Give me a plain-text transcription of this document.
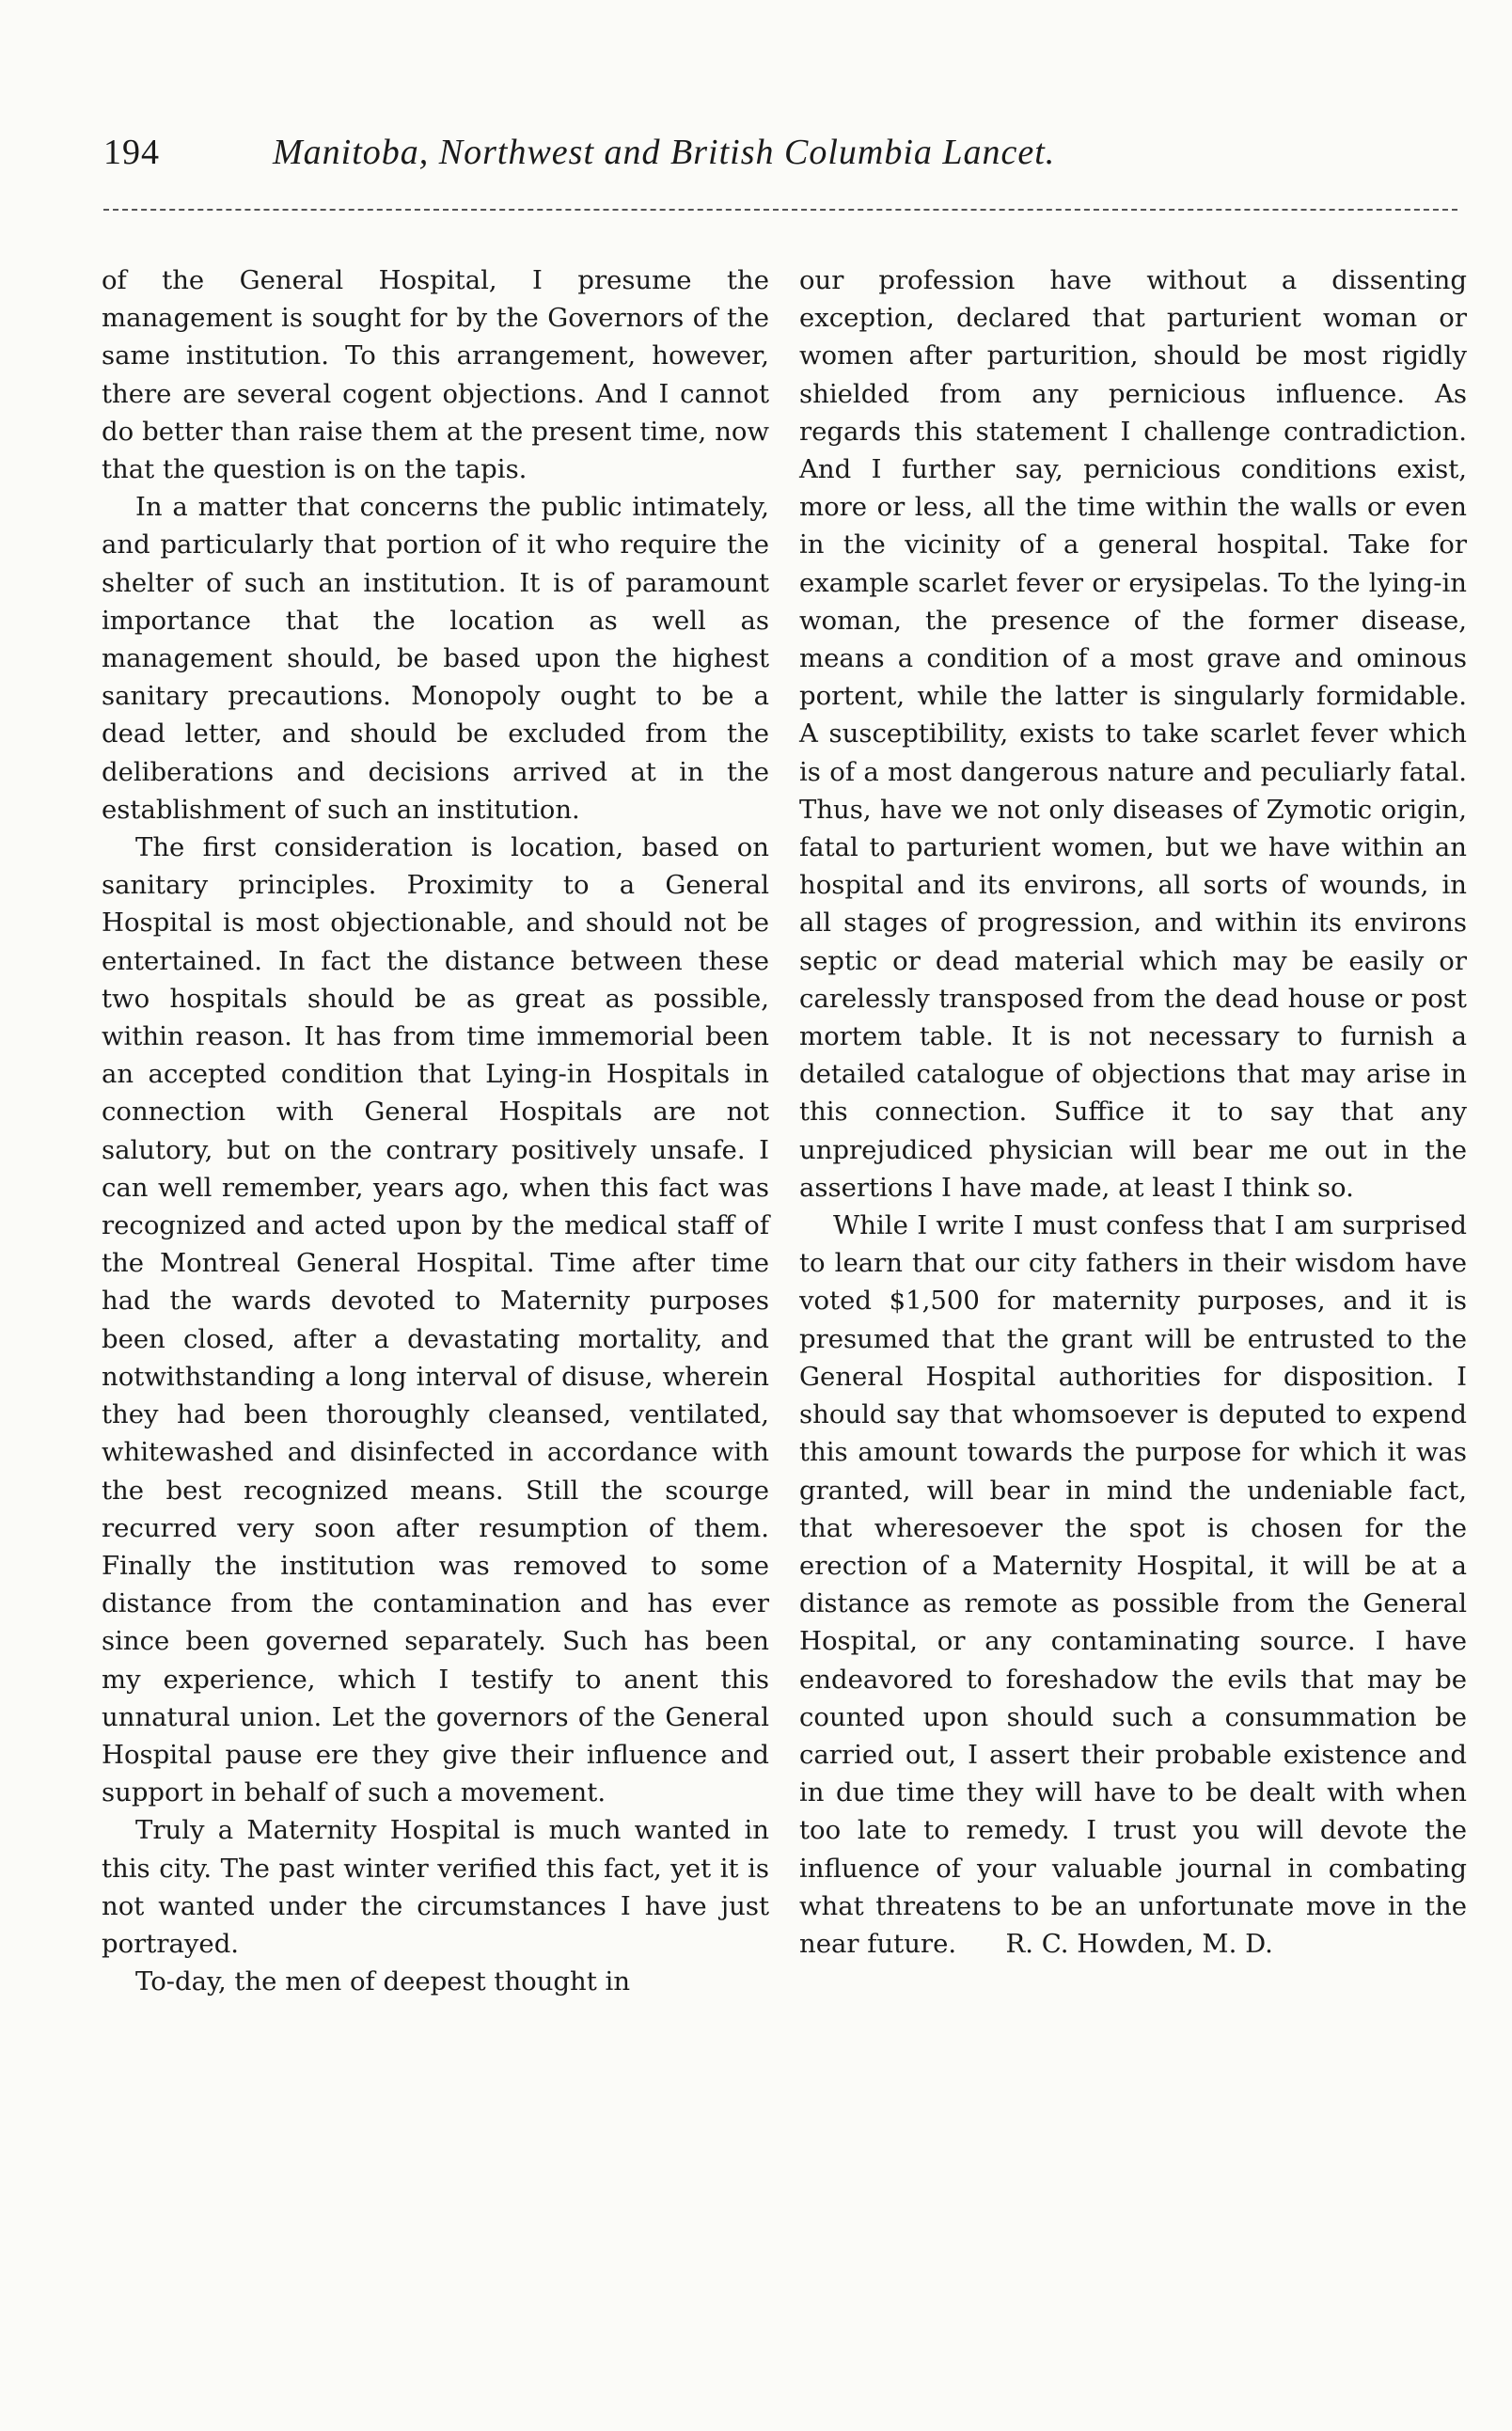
194	Manitoba, Northwest and British Columbia Lancet.

of the General Hospital, I presume the management is sought for by the Governors of the same institution. To this arrangement, however, there are several cogent objections. And I cannot do better than raise them at the present time, now that the question is on the tapis.

In a matter that concerns the public intimately, and particularly that portion of it who require the shelter of such an institution. It is of paramount importance that the location as well as management should, be based upon the highest sanitary precautions. Monopoly ought to be a dead letter, and should be excluded from the deliberations and decisions arrived at in the establishment of such an institution.

The first consideration is location, based on sanitary principles. Proximity to a General Hospital is most objectionable, and should not be entertained. In fact the distance between these two hospitals should be as great as possible, within reason. It has from time immemorial been an accepted condition that Lying-in Hospitals in connection with General Hospitals are not salutory, but on the contrary positively unsafe. I can well remember, years ago, when this fact was recognized and acted upon by the medical staff of the Montreal General Hospital. Time after time had the wards devoted to Maternity purposes been closed, after a devastating mortality, and notwithstanding a long interval of disuse, wherein they had been thoroughly cleansed, ventilated, whitewashed and disinfected in accordance with the best recognized means. Still the scourge recurred very soon after resumption of them. Finally the institution was removed to some distance from the contamination and has ever since been governed separately. Such has been my experience, which I testify to anent this unnatural union. Let the governors of the General Hospital pause ere they give their influence and support in behalf of such a movement.

Truly a Maternity Hospital is much wanted in this city. The past winter verified this fact, yet it is not wanted under the circumstances I have just portrayed.

To-day, the men of deepest thought in

our profession have without a dissenting exception, declared that parturient woman or women after parturition, should be most rigidly shielded from any pernicious influence. As regards this statement I challenge contradiction. And I further say, pernicious conditions exist, more or less, all the time within the walls or even in the vicinity of a general hospital. Take for example scarlet fever or erysipelas. To the lying-in woman, the presence of the former disease, means a condition of a most grave and ominous portent, while the latter is singularly formidable. A susceptibility, exists to take scarlet fever which is of a most dangerous nature and peculiarly fatal. Thus, have we not only diseases of Zymotic origin, fatal to parturient women, but we have within an hospital and its environs, all sorts of wounds, in all stages of progression, and within its environs septic or dead material which may be easily or carelessly transposed from the dead house or post mortem table. It is not necessary to furnish a detailed catalogue of objections that may arise in this connection. Suffice it to say that any unprejudiced physician will bear me out in the assertions I have made, at least I think so.

While I write I must confess that I am surprised to learn that our city fathers in their wisdom have voted $1,500 for maternity purposes, and it is presumed that the grant will be entrusted to the General Hospital authorities for disposition. I should say that whomsoever is deputed to expend this amount towards the purpose for which it was granted, will bear in mind the undeniable fact, that wheresoever the spot is chosen for the erection of a Maternity Hospital, it will be at a distance as remote as possible from the General Hospital, or any contaminating source. I have endeavored to foreshadow the evils that may be counted upon should such a consummation be carried out, I assert their probable existence and in due time they will have to be dealt with when too late to remedy. I trust you will devote the influence of your valuable journal in combating what threatens to be an unfortunate move in the near future. R. C. Howden, M. D.
